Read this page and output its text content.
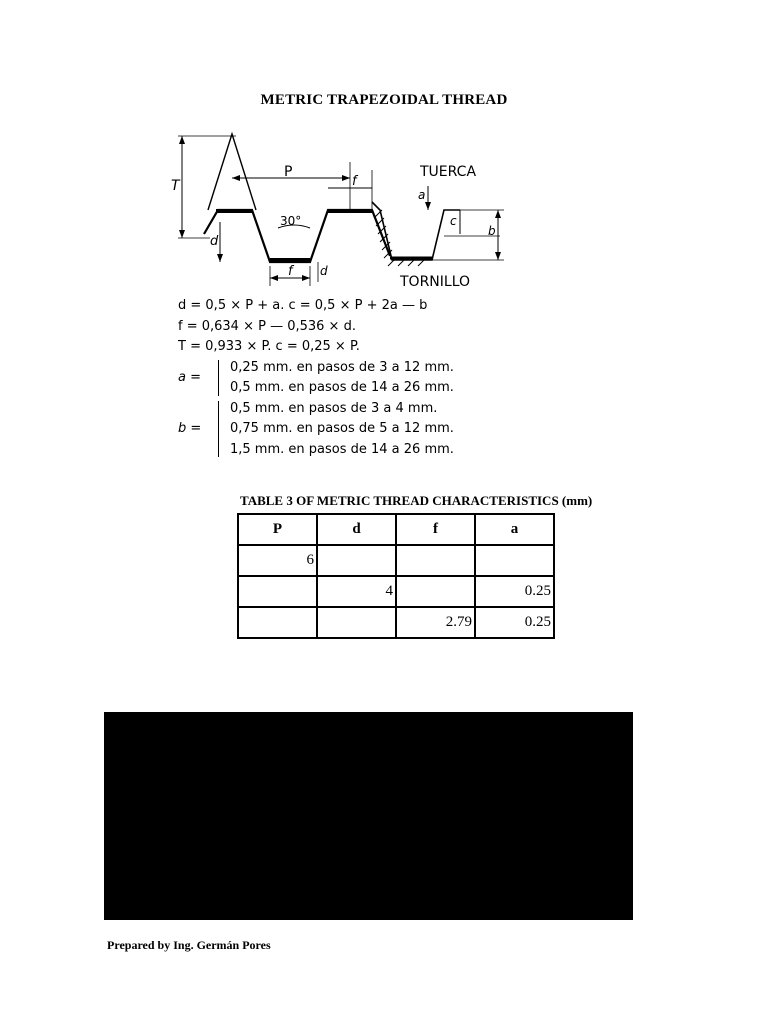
METRIC TRAPEZOIDAL THREAD
T
P
f
d
30°
f d
TUERCA
a
c
b
TORNILLO
d = 0,5 × P + a. c = 0,5 × P + 2a — b
f = 0,634 × P — 0,536 × d.
T = 0,933 × P. c = 0,25 × P.
a =
0,25 mm. en pasos de 3 a 12 mm.
0,5 mm. en pasos de 14 a 26 mm.
b =
0,5 mm. en pasos de 3 a 4 mm.
0,75 mm. en pasos de 5 a 12 mm.
1,5 mm. en pasos de 14 a 26 mm.
TABLE 3 OF METRIC THREAD CHARACTERISTICS (mm)
P	d	f	a
6			
	4		0.25
		2.79	0.25
Prepared by Ing. Germán Pores
